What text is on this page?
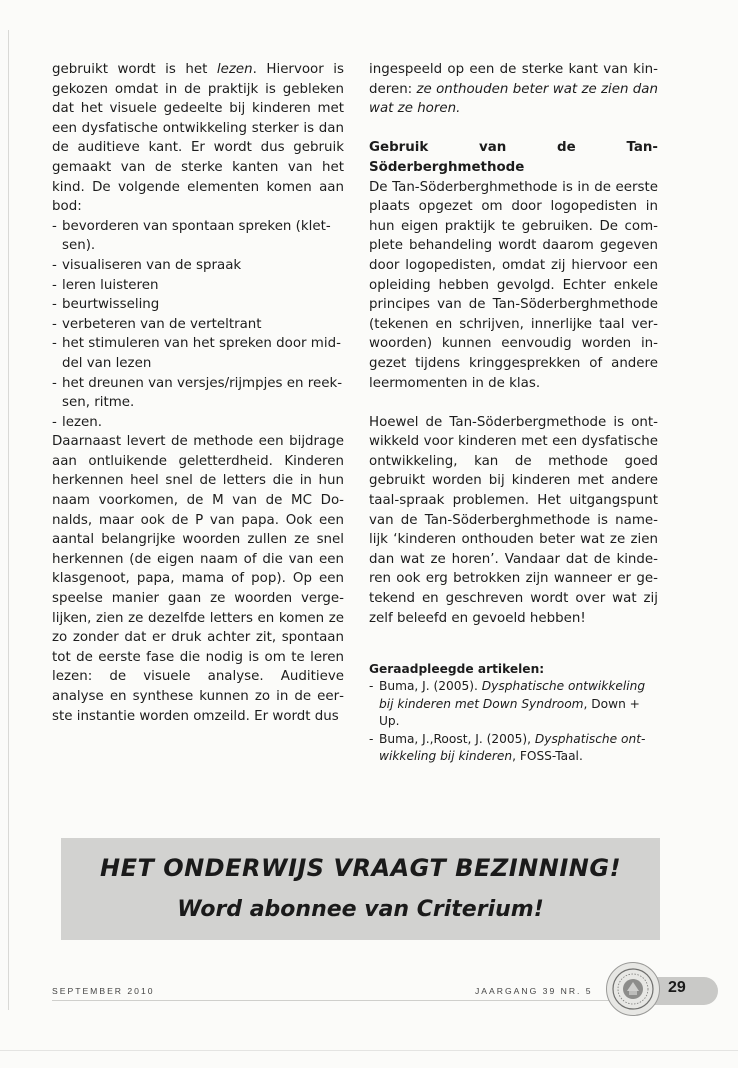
gebruikt wordt is het lezen. Hiervoor is gekozen omdat in de praktijk is gebleken dat het visuele gedeelte bij kinderen met een dysfatische ontwikkeling sterker is dan de auditieve kant. Er wordt dus gebruik gemaakt van de sterke kanten van het kind. De volgende elementen komen aan bod:

- bevorderen van spontaan spreken (kletsen).
- visualiseren van de spraak
- leren luisteren
- beurtwisseling
- verbeteren van de verteltrant
- het stimuleren van het spreken door middel van lezen
- het dreunen van versjes/rijmpjes en reeksen, ritme.
- lezen.

Daarnaast levert de methode een bijdrage aan ontluikende geletterdheid. Kinderen herkennen heel snel de letters die in hun naam voorkomen, de M van de MC Donalds, maar ook de P van papa. Ook een aantal belangrijke woorden zullen ze snel herkennen (de eigen naam of die van een klasgenoot, papa, mama of pop). Op een speelse manier gaan ze woorden vergelijken, zien ze dezelfde letters en komen ze zo zonder dat er druk achter zit, spontaan tot de eerste fase die nodig is om te leren lezen: de visuele analyse. Auditieve analyse en synthese kunnen zo in de eerste instantie worden omzeild. Er wordt dus

ingespeeld op een de sterke kant van kinderen: ze onthouden beter wat ze zien dan wat ze horen.

Gebruik van de Tan-Söderberghmethode

De Tan-Söderberghmethode is in de eerste plaats opgezet om door logopedisten in hun eigen praktijk te gebruiken. De complete behandeling wordt daarom gegeven door logopedisten, omdat zij hiervoor een opleiding hebben gevolgd. Echter enkele principes van de Tan-Söderberghmethode (tekenen en schrijven, innerlijke taal verwoorden) kunnen eenvoudig worden ingezet tijdens kringgesprekken of andere leermomenten in de klas.

Hoewel de Tan-Söderbergmethode is ontwikkeld voor kinderen met een dysfatische ontwikkeling, kan de methode goed gebruikt worden bij kinderen met andere taal-spraak problemen. Het uitgangspunt van de Tan-Söderberghmethode is namelijk ‘kinderen onthouden beter wat ze zien dan wat ze horen’. Vandaar dat de kinderen ook erg betrokken zijn wanneer er getekend en geschreven wordt over wat zij zelf beleefd en gevoeld hebben!

Geraadpleegde artikelen:

- Buma, J. (2005). Dysphatische ontwikkeling bij kinderen met Down Syndroom, Down + Up.
- Buma, J.,Roost, J. (2005), Dysphatische ontwikkeling bij kinderen, FOSS-Taal.
HET ONDERWIJS VRAAGT BEZINNING!
Word abonnee van Criterium!
SEPTEMBER 2010	JAARGANG 39 NR. 5	29
